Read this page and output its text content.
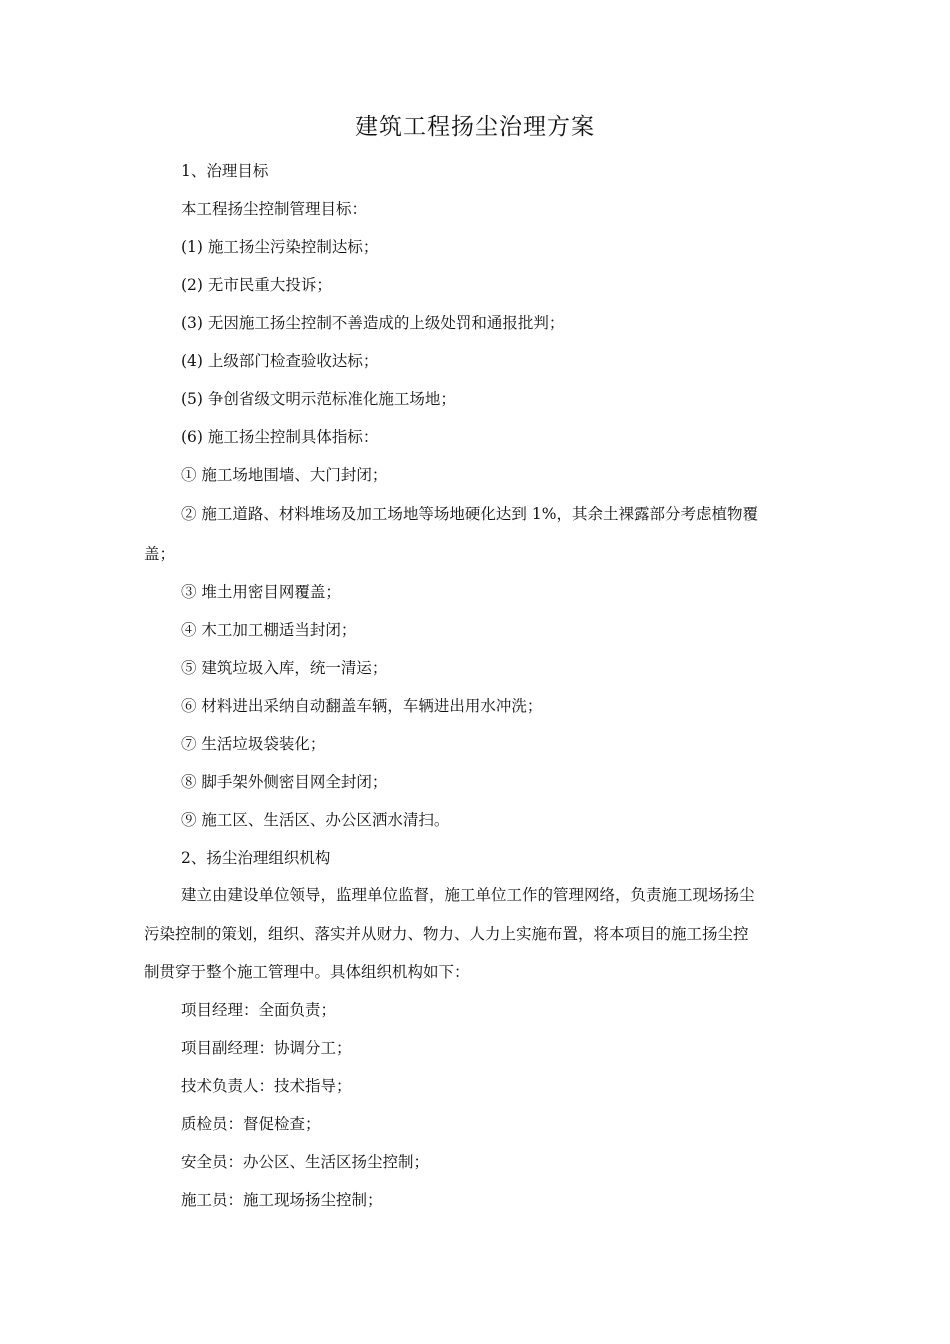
建筑工程扬尘治理方案
1、治理目标
本工程扬尘控制管理目标：
(1) 施工扬尘污染控制达标；
(2) 无市民重大投诉；
(3) 无因施工扬尘控制不善造成的上级处罚和通报批判；
(4) 上级部门检查验收达标；
(5) 争创省级文明示范标准化施工场地；
(6) 施工扬尘控制具体指标：
① 施工场地围墙、大门封闭；
② 施工道路、材料堆场及加工场地等场地硬化达到 1%，其余土裸露部分考虑植物覆
盖；
③ 堆土用密目网覆盖；
④ 木工加工棚适当封闭；
⑤ 建筑垃圾入库，统一清运；
⑥ 材料进出采纳自动翻盖车辆，车辆进出用水冲洗；
⑦ 生活垃圾袋装化；
⑧ 脚手架外侧密目网全封闭；
⑨ 施工区、生活区、办公区洒水清扫。
2、扬尘治理组织机构
建立由建设单位领导，监理单位监督，施工单位工作的管理网络，负责施工现场扬尘
污染控制的策划，组织、落实并从财力、物力、人力上实施布置，将本项目的施工扬尘控
制贯穿于整个施工管理中。具体组织机构如下：
项目经理：全面负责；
项目副经理：协调分工；
技术负责人：技术指导；
质检员：督促检查；
安全员：办公区、生活区扬尘控制；
施工员：施工现场扬尘控制；
